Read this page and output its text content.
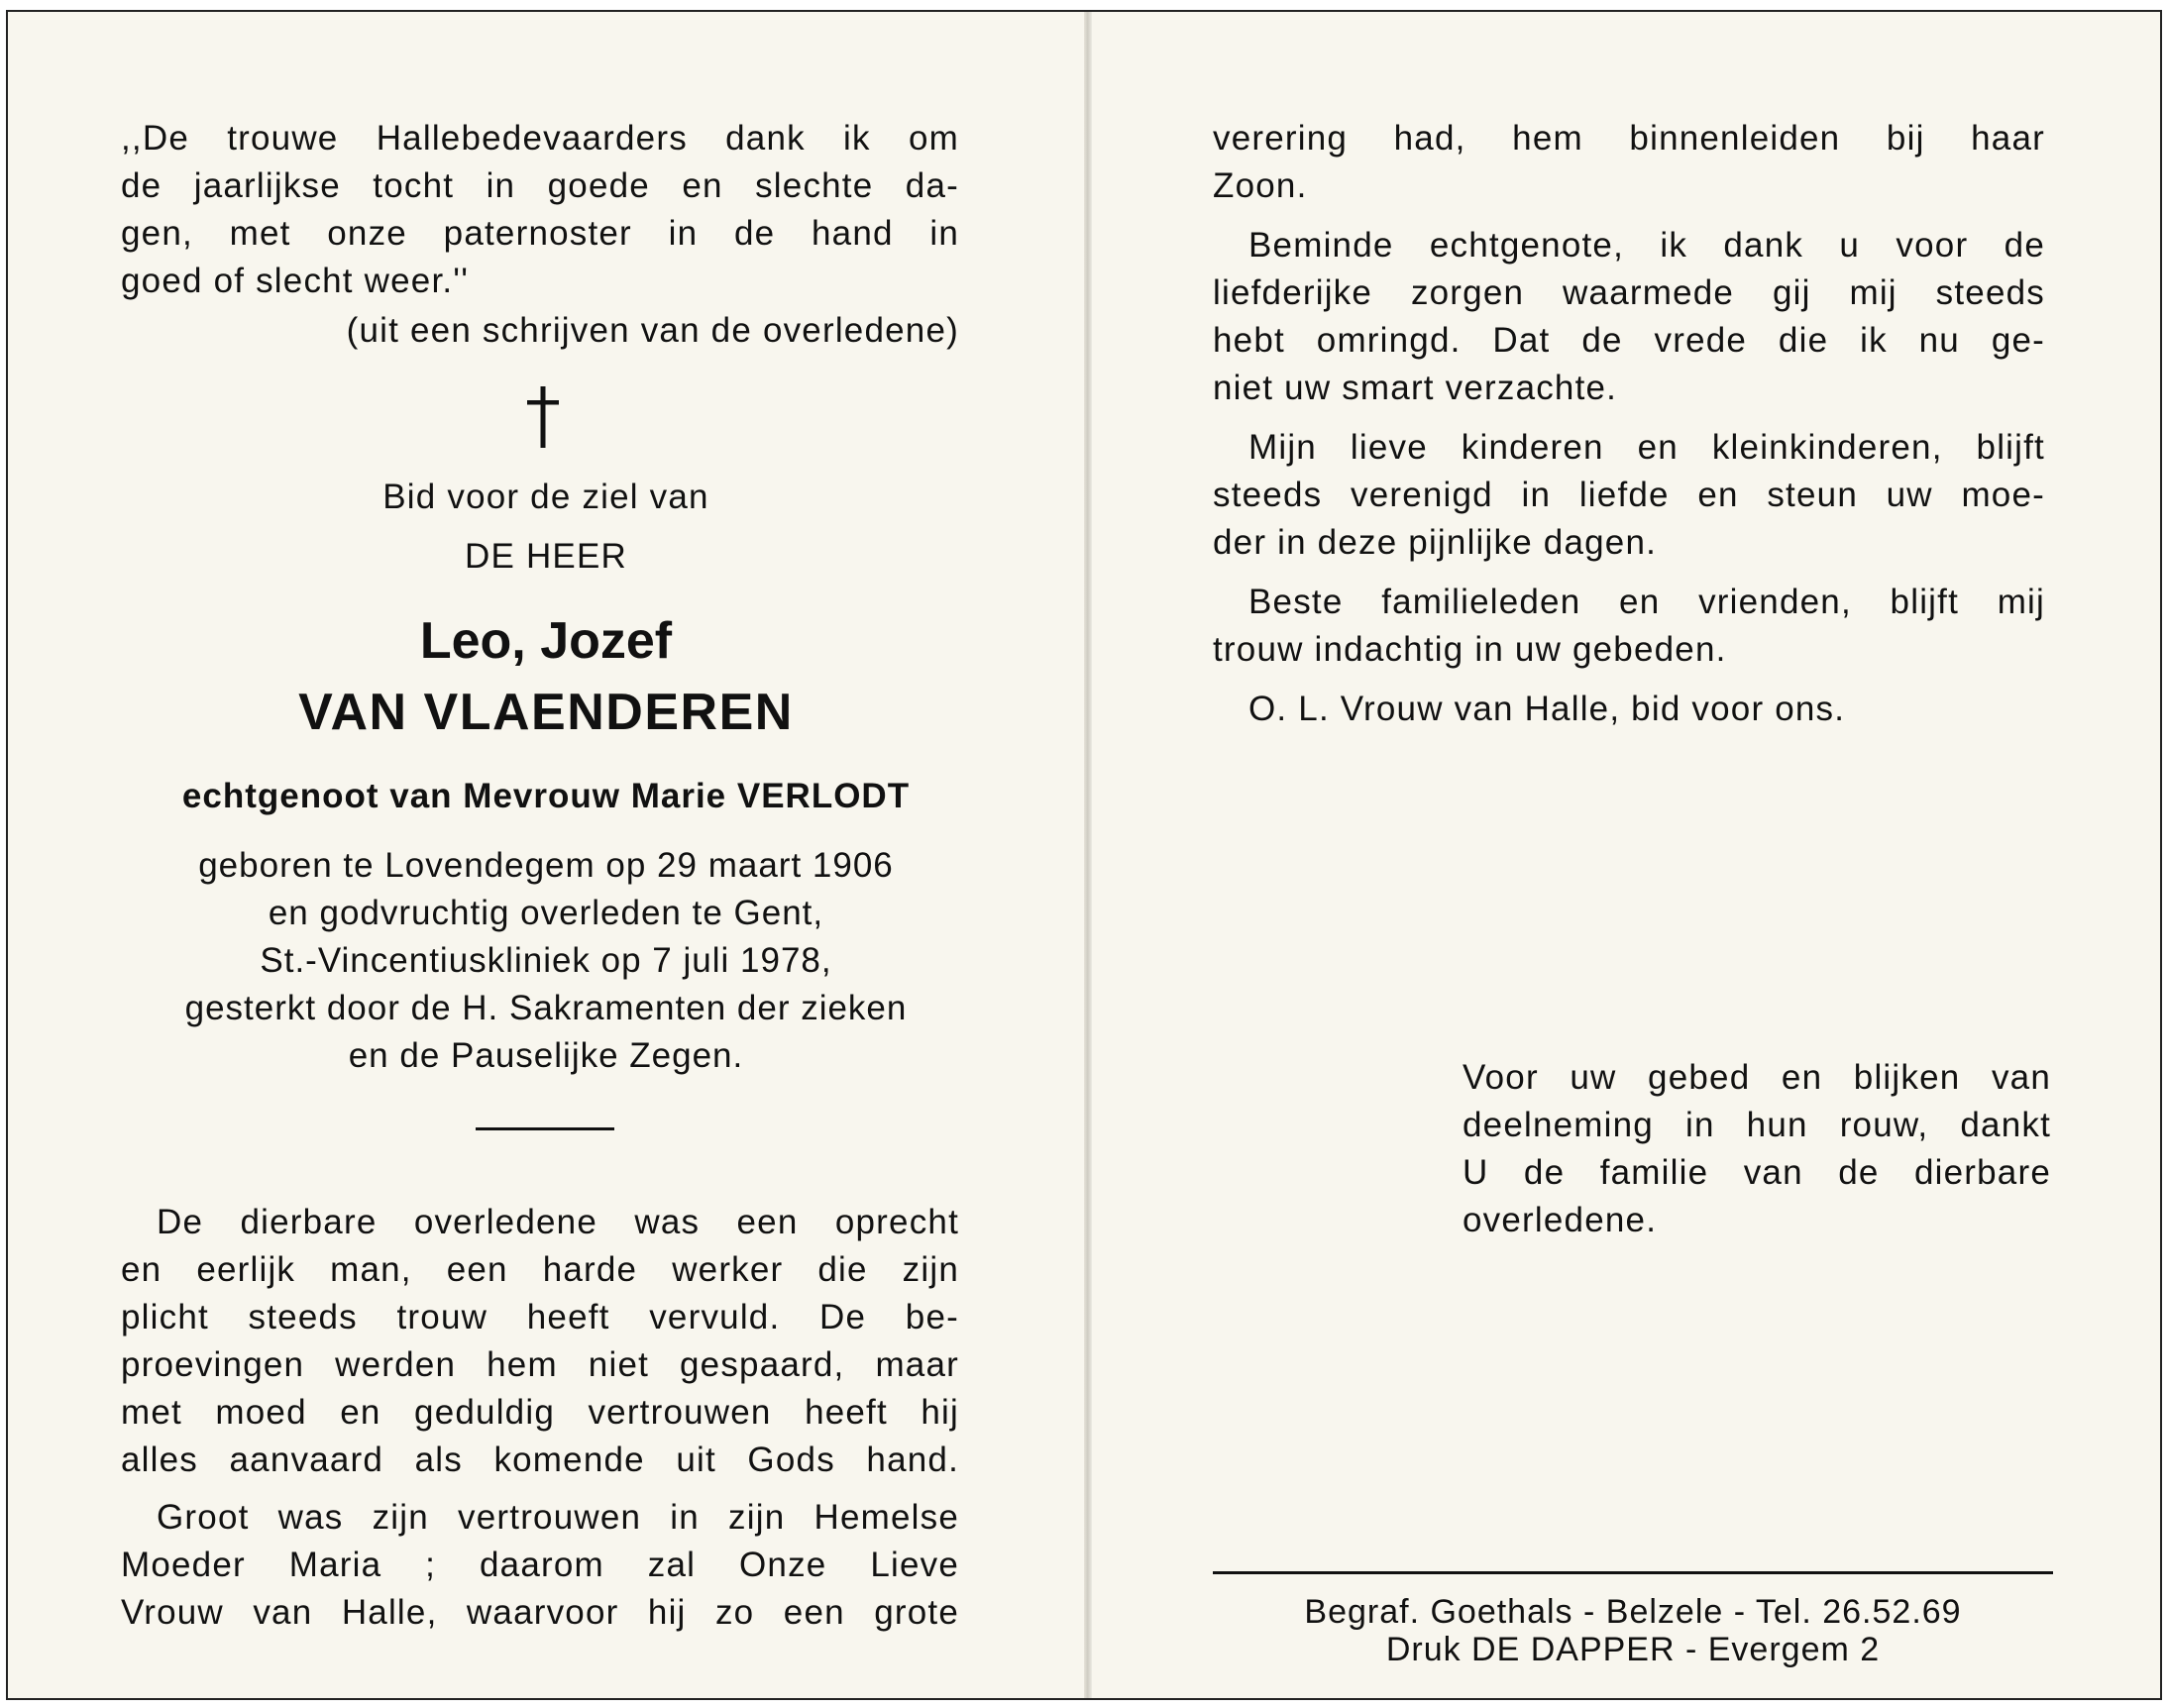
,,De trouwe Hallebedevaarders dank ik om
de jaarlijkse tocht in goede en slechte da-
gen, met onze paternoster in de hand in
goed of slecht weer.''
(uit een schrijven van de overledene)
Bid voor de ziel van
DE HEER
Leo, Jozef
VAN VLAENDEREN
echtgenoot van Mevrouw Marie VERLODT
geboren te Lovendegem op 29 maart 1906
en godvruchtig overleden te Gent,
St.-Vincentiuskliniek op 7 juli 1978,
gesterkt door de H. Sakramenten der zieken
en de Pauselijke Zegen.

De dierbare overledene was een oprecht
en eerlijk man, een harde werker die zijn
plicht steeds trouw heeft vervuld. De be-
proevingen werden hem niet gespaard, maar
met moed en geduldig vertrouwen heeft hij
alles aanvaard als komende uit Gods hand.

Groot was zijn vertrouwen in zijn Hemelse
Moeder Maria ; daarom zal Onze Lieve
Vrouw van Halle, waarvoor hij zo een grote

verering had, hem binnenleiden bij haar
Zoon.

Beminde echtgenote, ik dank u voor de
liefderijke zorgen waarmede gij mij steeds
hebt omringd. Dat de vrede die ik nu ge-
niet uw smart verzachte.

Mijn lieve kinderen en kleinkinderen, blijft
steeds verenigd in liefde en steun uw moe-
der in deze pijnlijke dagen.

Beste familieleden en vrienden, blijft mij
trouw indachtig in uw gebeden.

O. L. Vrouw van Halle, bid voor ons.

Voor uw gebed en blijken van
deelneming in hun rouw, dankt
U de familie van de dierbare
overledene.
Begraf. Goethals - Belzele - Tel. 26.52.69
Druk DE DAPPER - Evergem 2
